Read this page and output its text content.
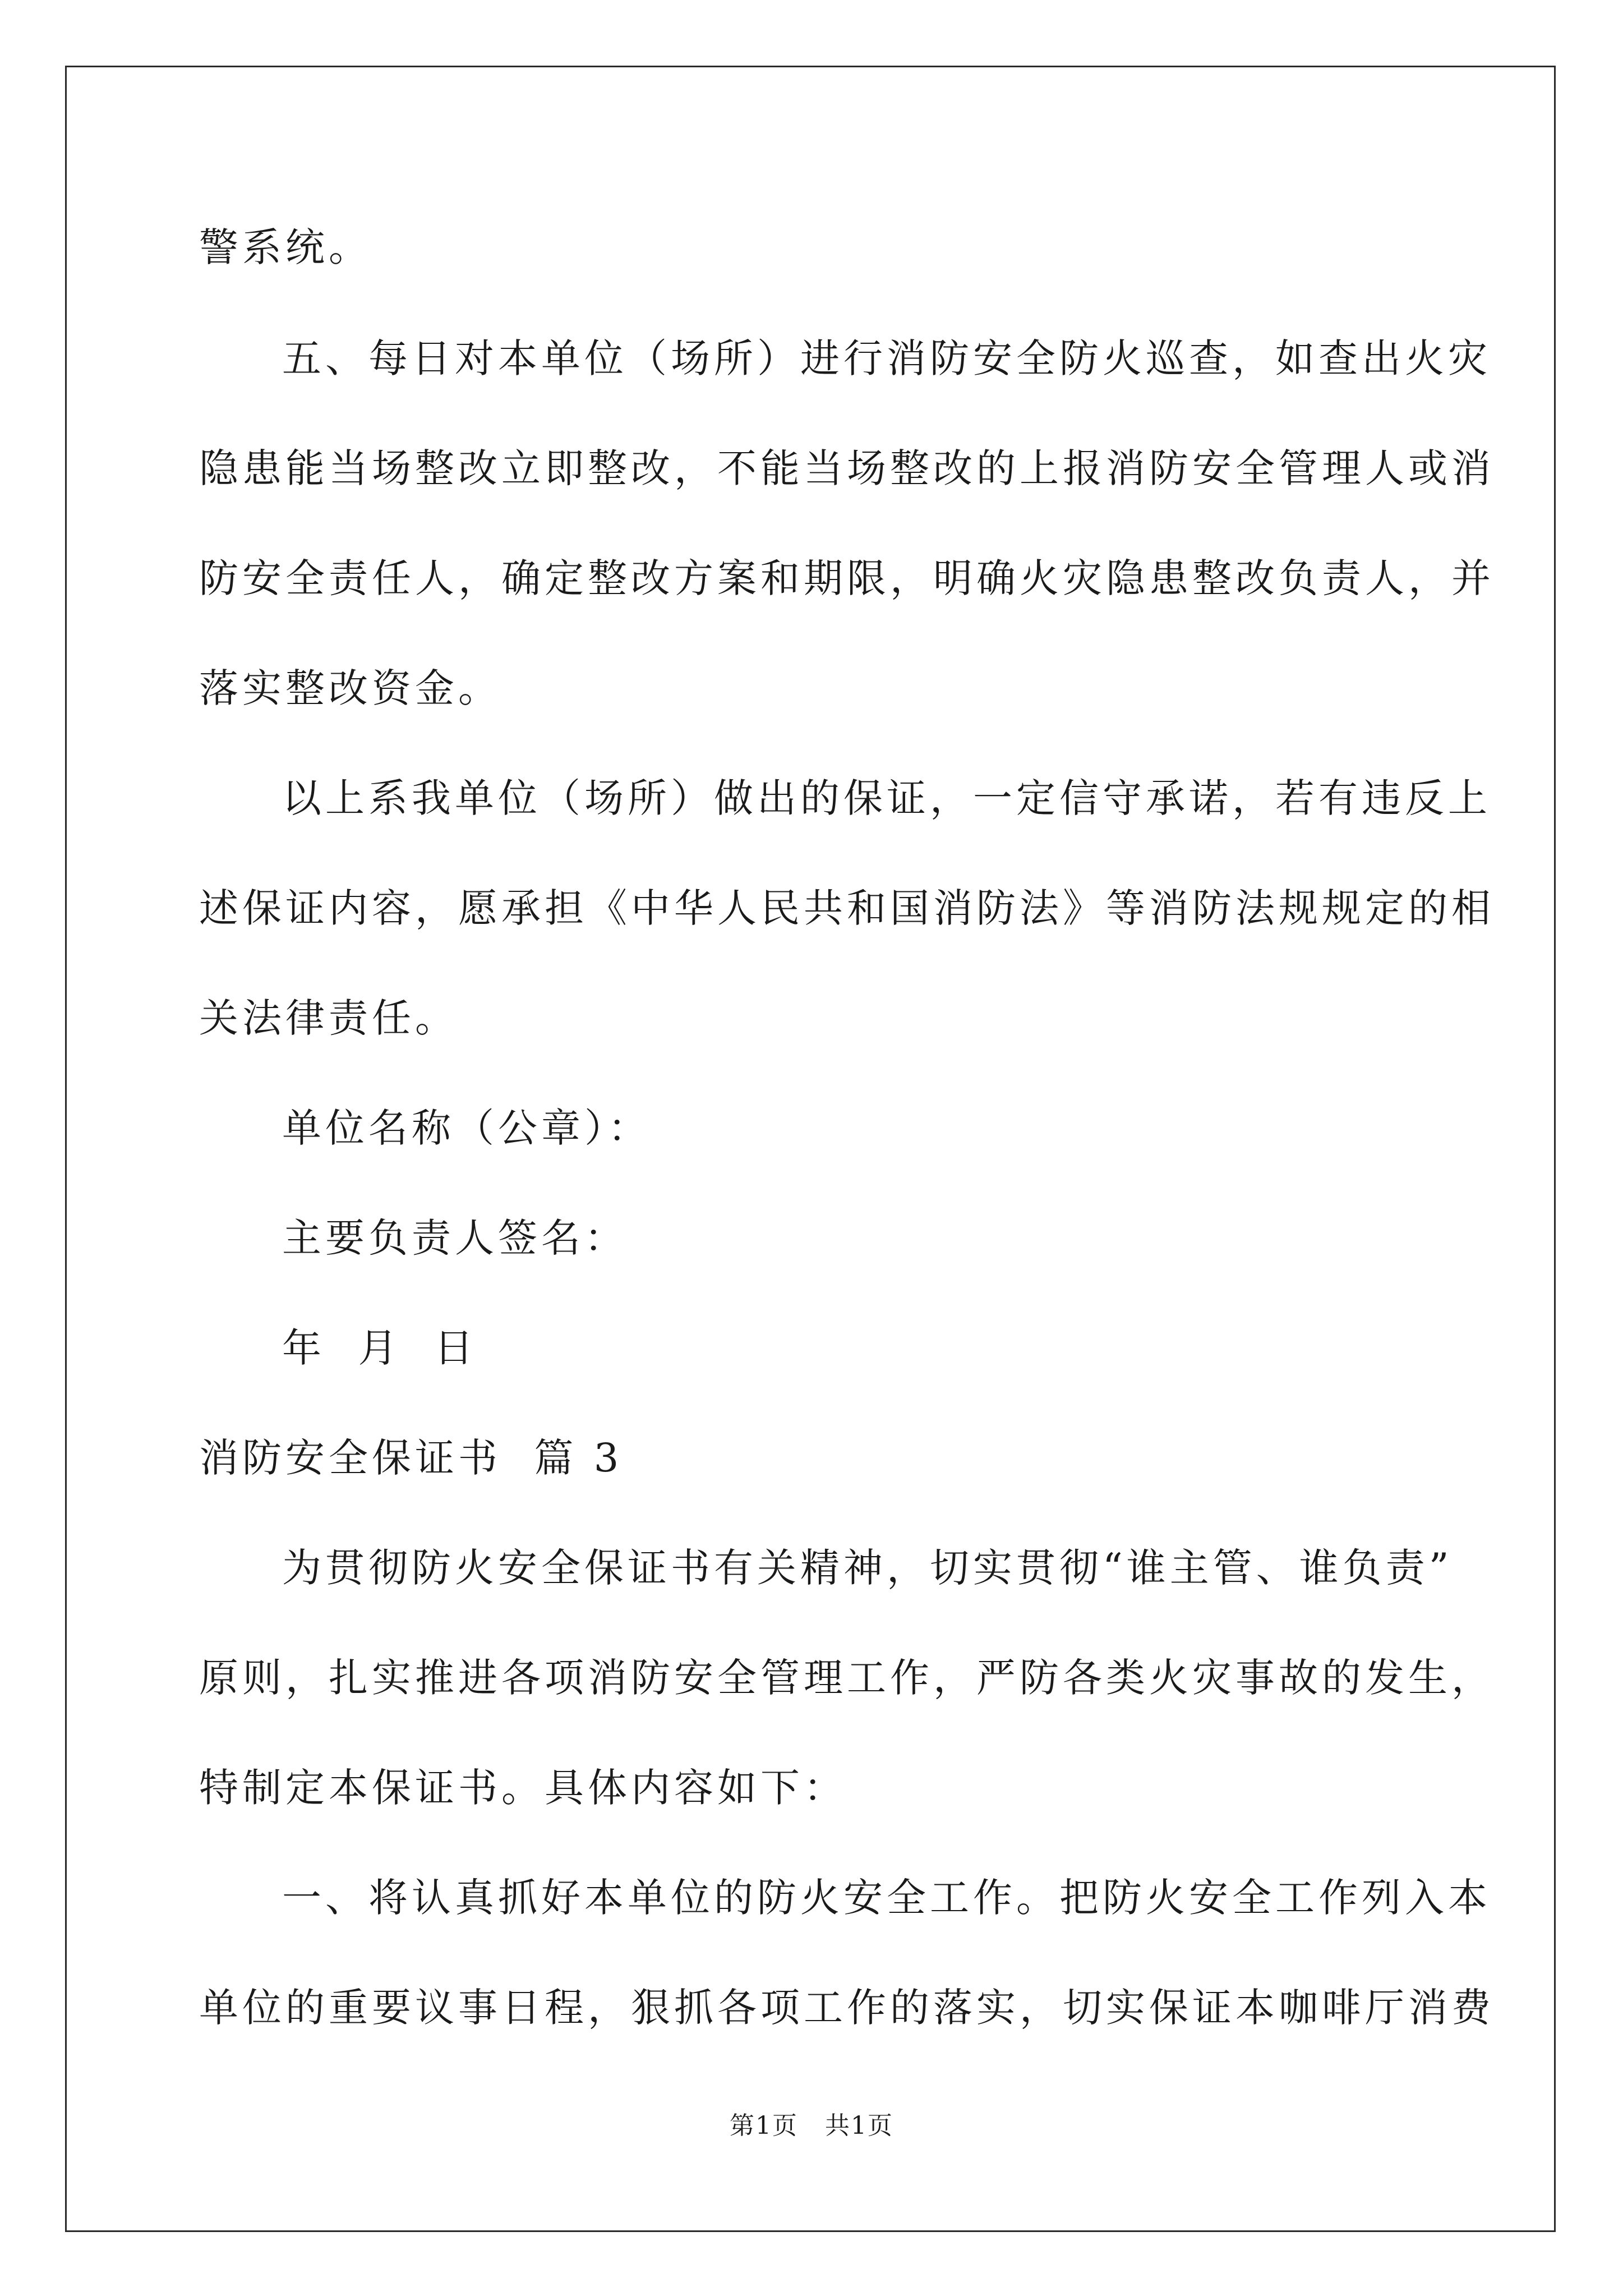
警系统。
五、每日对本单位（场所）进行消防安全防火巡查，如查出火灾
隐患能当场整改立即整改，不能当场整改的上报消防安全管理人或消
防安全责任人，确定整改方案和期限，明确火灾隐患整改负责人，并
落实整改资金。
以上系我单位（场所）做出的保证，一定信守承诺，若有违反上
述保证内容，愿承担《中华人民共和国消防法》等消防法规规定的相
关法律责任。
单位名称（公章）：
主要负责人签名：
年  月  日
消防安全保证书  篇 3
为贯彻防火安全保证书有关精神，切实贯彻“谁主管、谁负责”
原则，扎实推进各项消防安全管理工作，严防各类火灾事故的发生，
特制定本保证书。具体内容如下：
一、将认真抓好本单位的防火安全工作。把防火安全工作列入本
单位的重要议事日程，狠抓各项工作的落实，切实保证本咖啡厅消费
第1页   共1页
